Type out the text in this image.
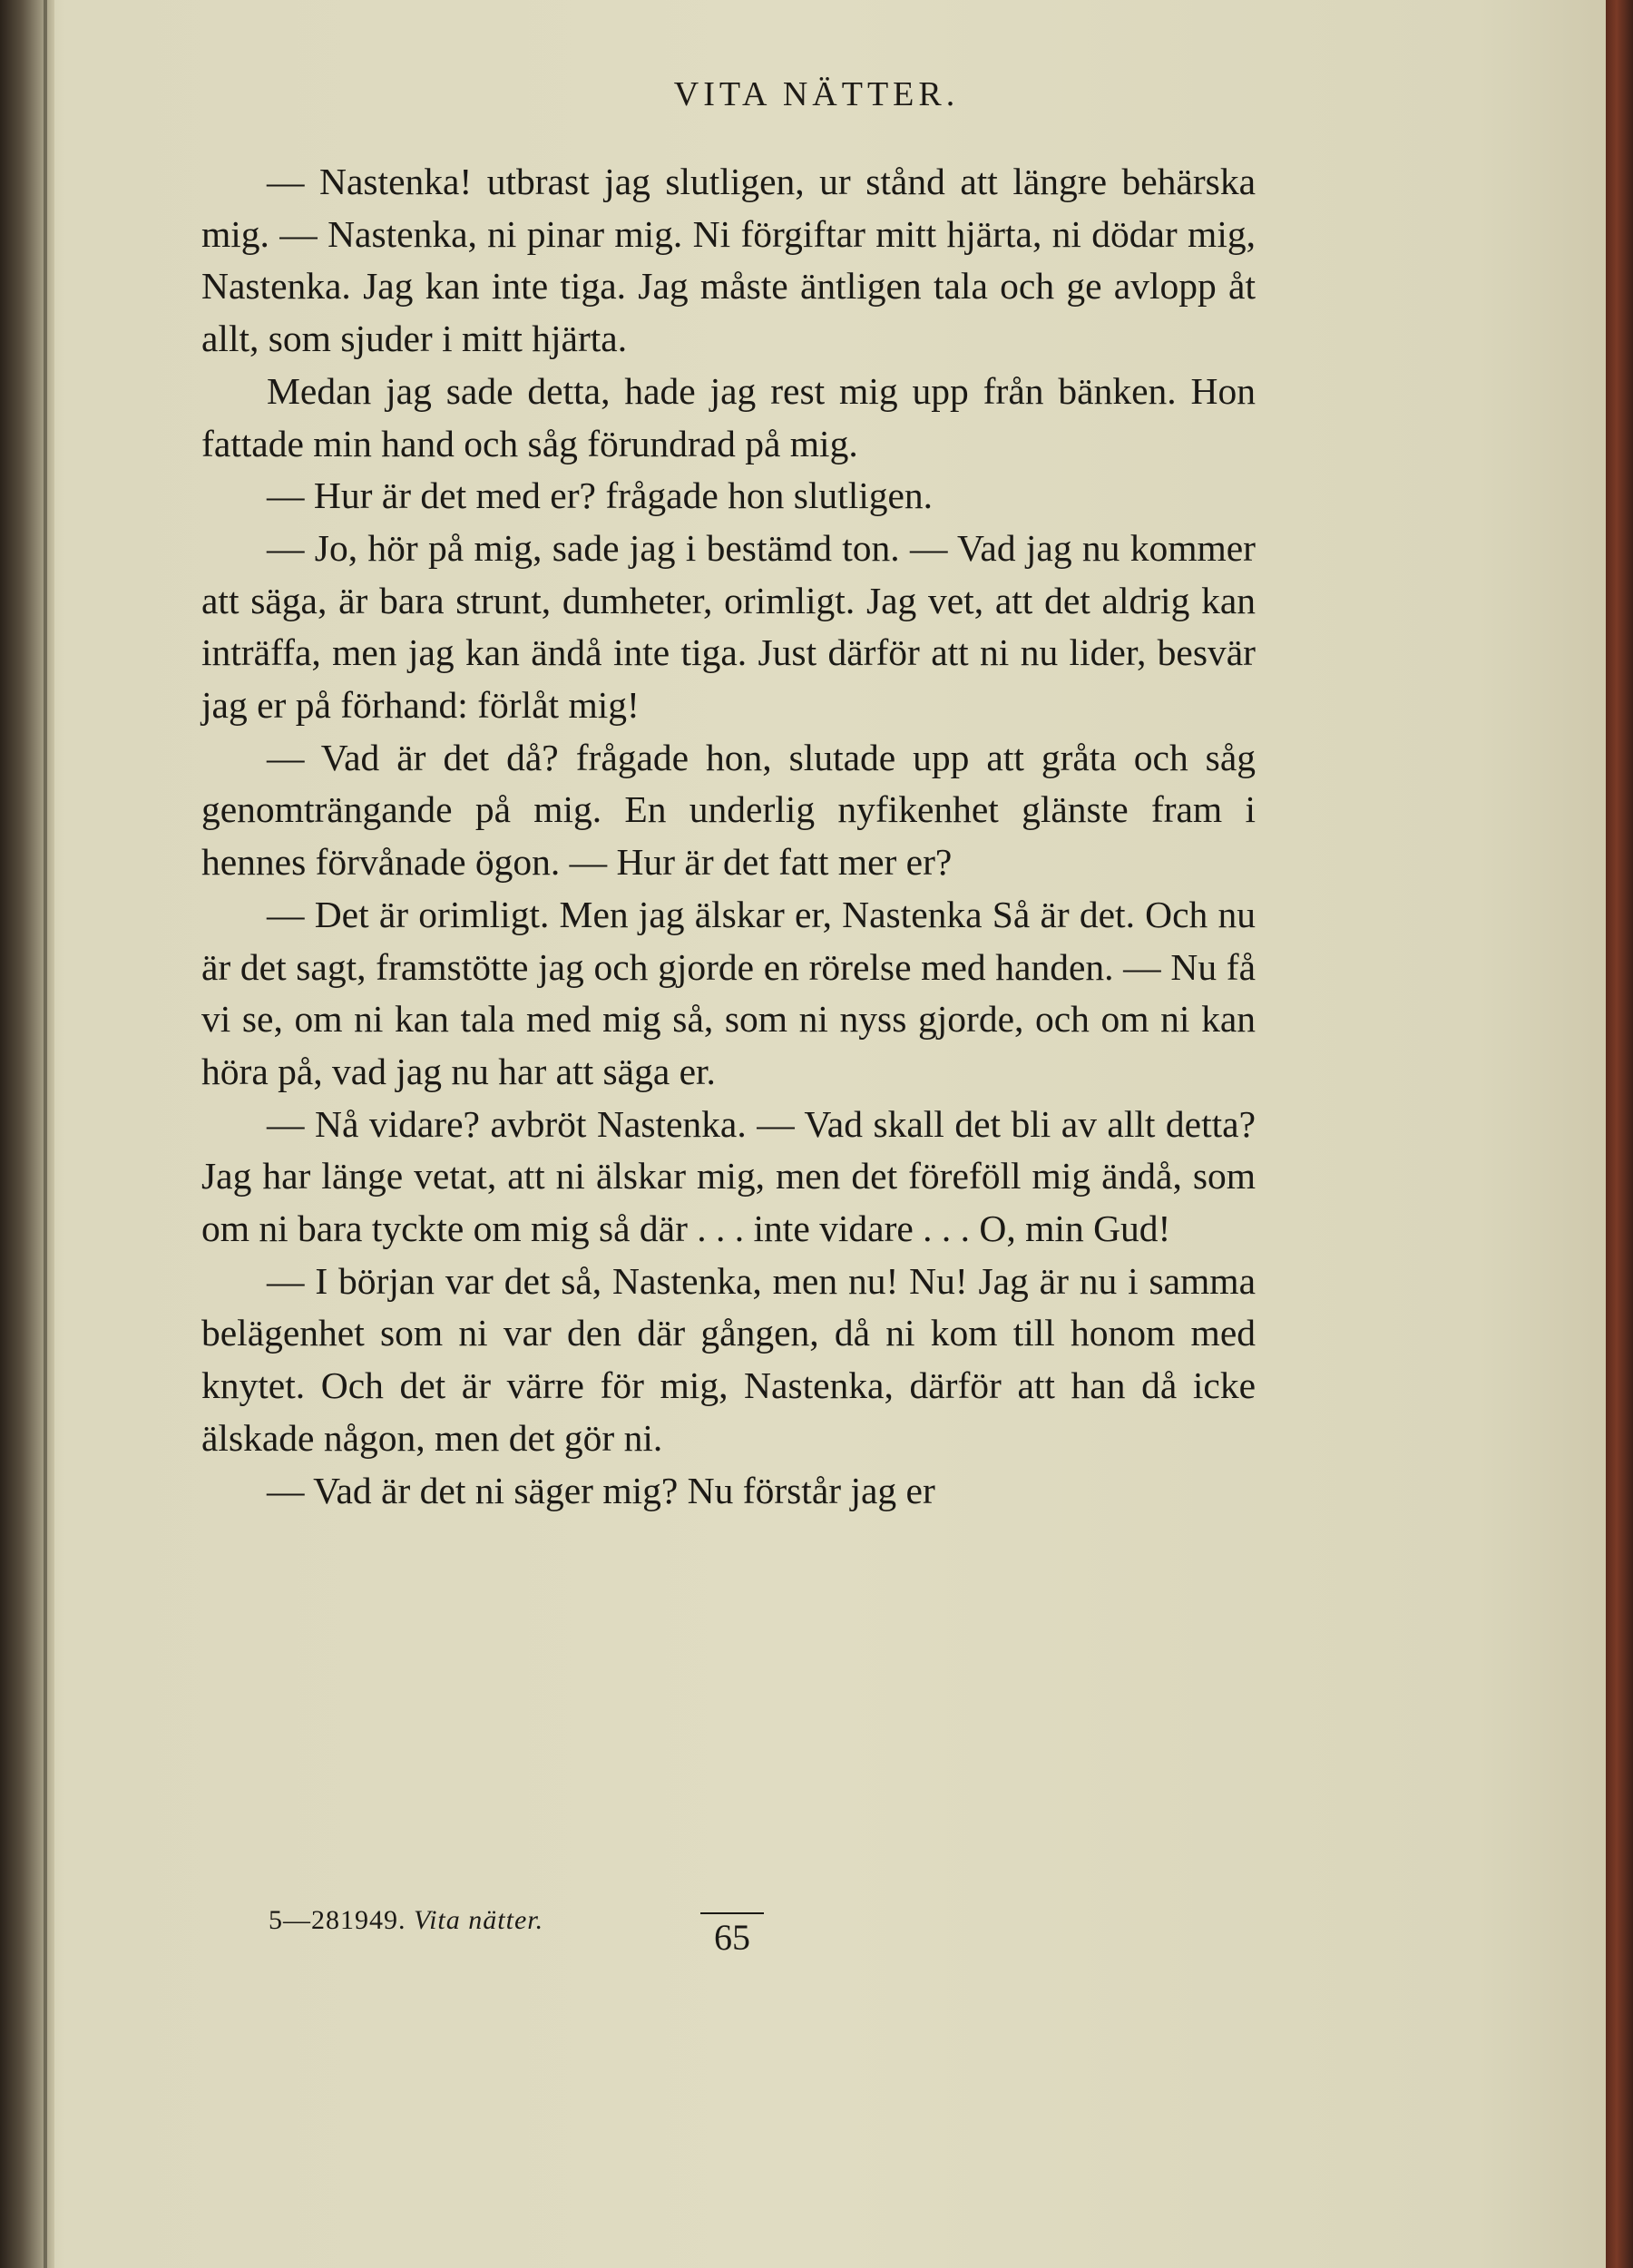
VITA NÄTTER.

— Nastenka! utbrast jag slutligen, ur stånd att längre behärska mig. — Nastenka, ni pinar mig. Ni förgiftar mitt hjärta, ni dödar mig, Nastenka. Jag kan inte tiga. Jag måste äntligen tala och ge avlopp åt allt, som sjuder i mitt hjärta.

Medan jag sade detta, hade jag rest mig upp från bänken. Hon fattade min hand och såg förundrad på mig.

— Hur är det med er? frågade hon slutligen.

— Jo, hör på mig, sade jag i bestämd ton. — Vad jag nu kommer att säga, är bara strunt, dumheter, orimligt. Jag vet, att det aldrig kan inträffa, men jag kan ändå inte tiga. Just därför att ni nu lider, besvär jag er på förhand: förlåt mig!

— Vad är det då? frågade hon, slutade upp att gråta och såg genomträngande på mig. En underlig nyfikenhet glänste fram i hennes förvånade ögon. — Hur är det fatt mer er?

— Det är orimligt. Men jag älskar er, Nastenka Så är det. Och nu är det sagt, framstötte jag och gjorde en rörelse med handen. — Nu få vi se, om ni kan tala med mig så, som ni nyss gjorde, och om ni kan höra på, vad jag nu har att säga er.

— Nå vidare? avbröt Nastenka. — Vad skall det bli av allt detta? Jag har länge vetat, att ni älskar mig, men det föreföll mig ändå, som om ni bara tyckte om mig så där . . . inte vidare . . . O, min Gud!

— I början var det så, Nastenka, men nu! Nu! Jag är nu i samma belägenhet som ni var den där gången, då ni kom till honom med knytet. Och det är värre för mig, Nastenka, därför att han då icke älskade någon, men det gör ni.

— Vad är det ni säger mig? Nu förstår jag er

5—281949. Vita nätter.	65
